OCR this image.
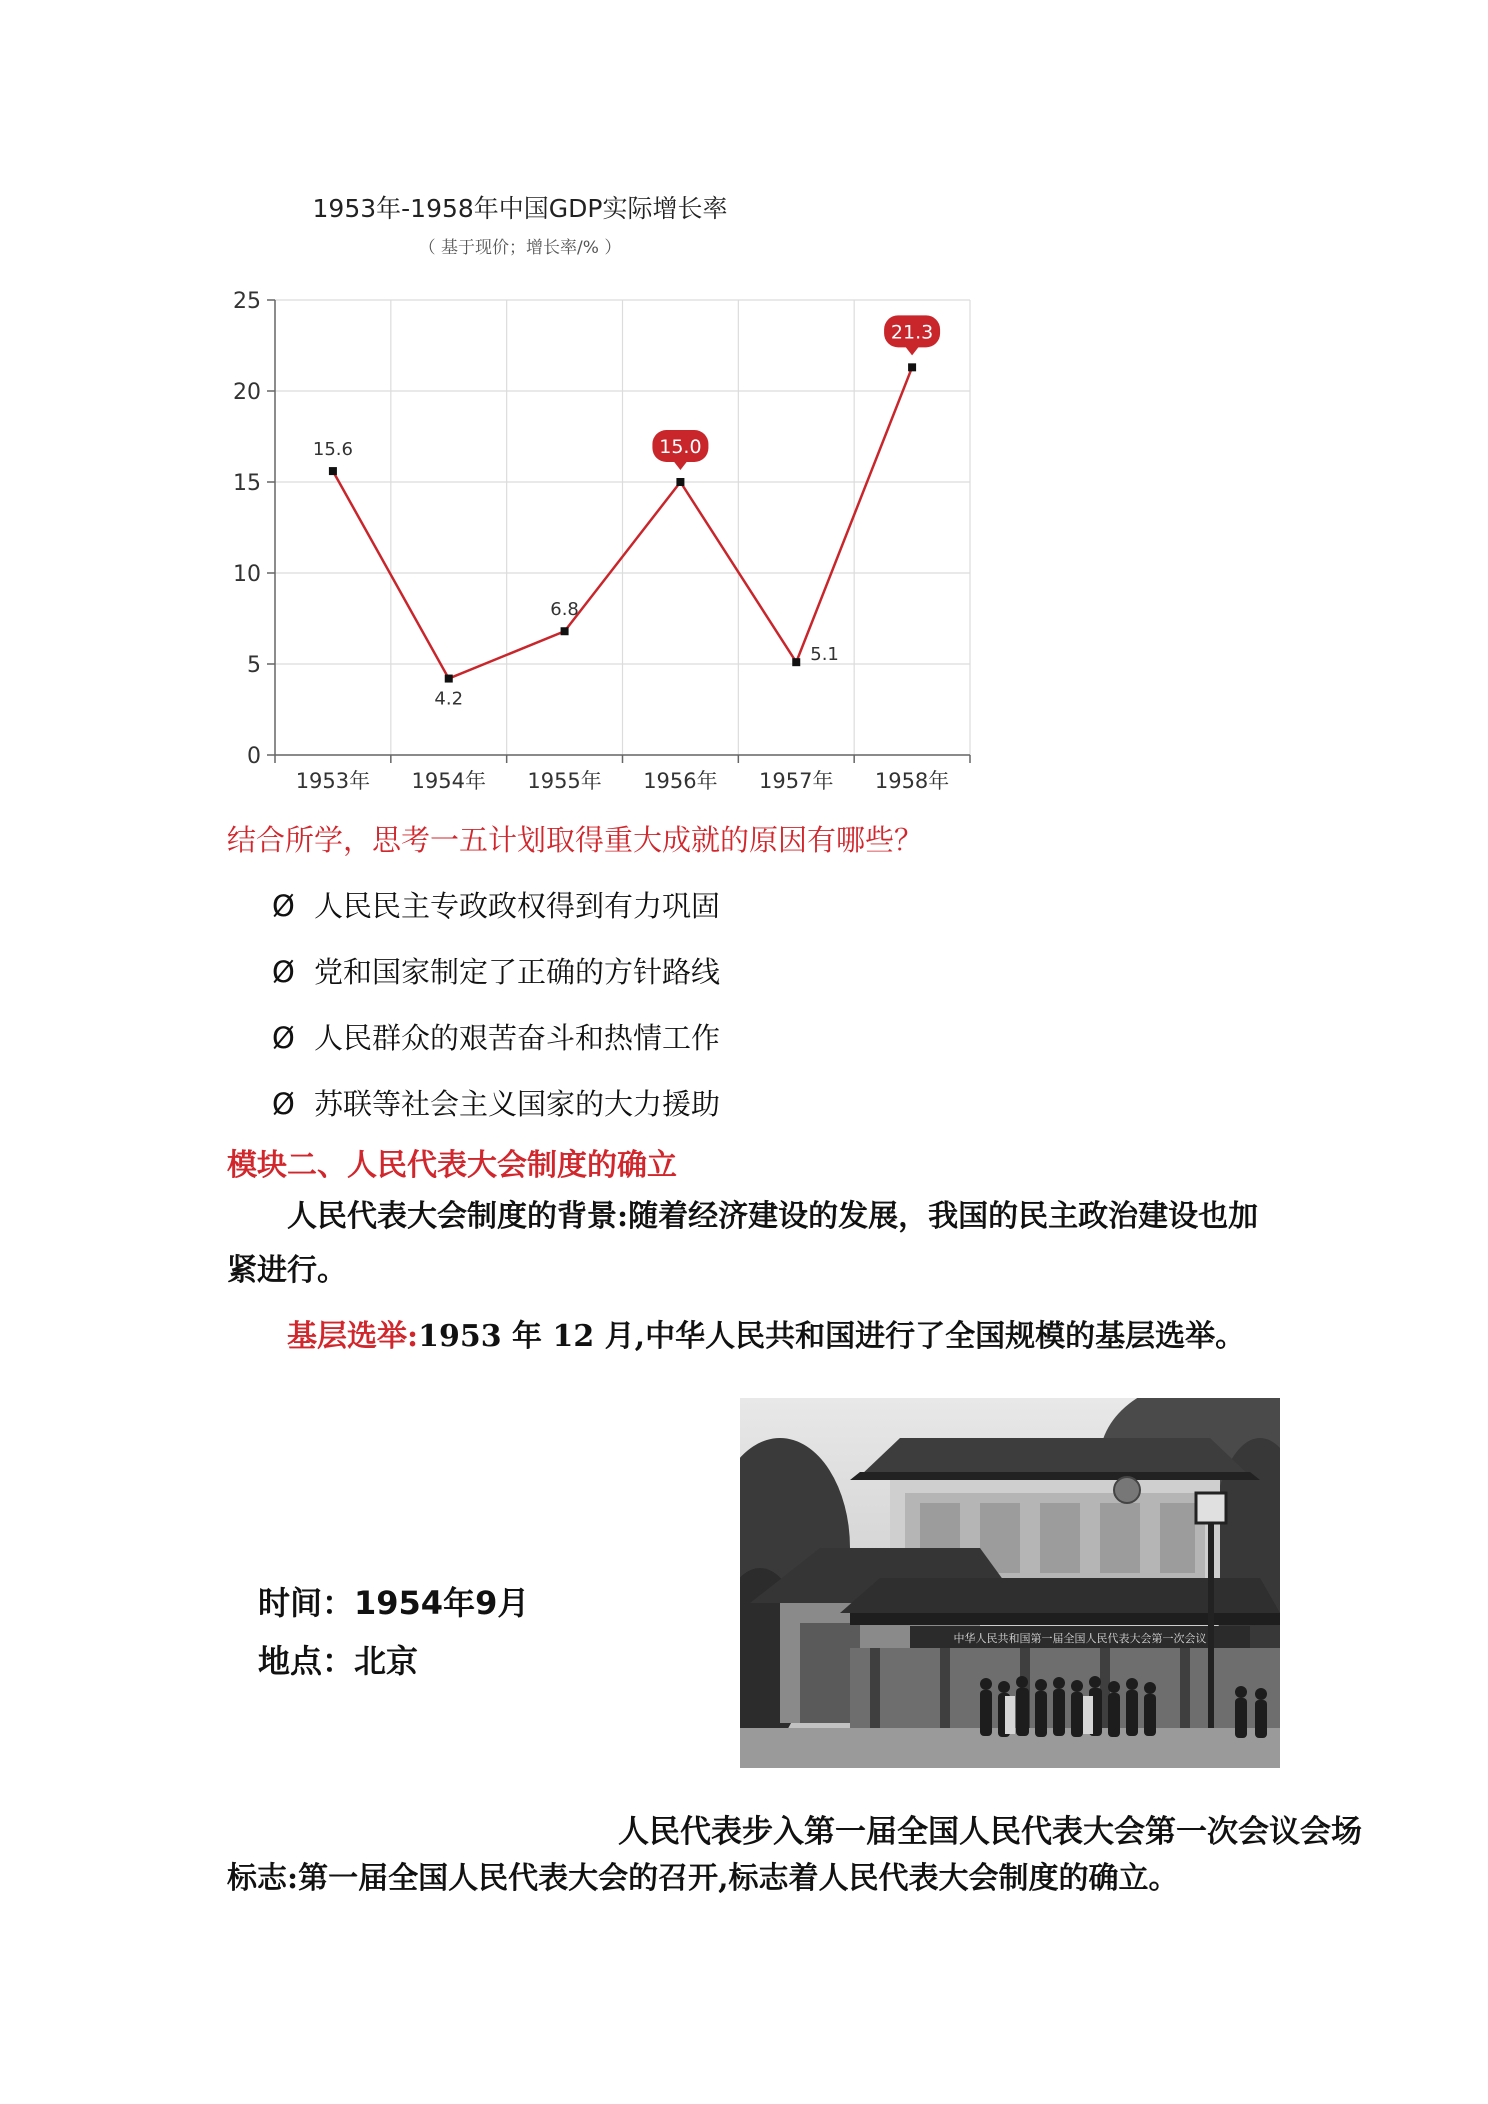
1953年-1958年中国GDP实际增长率
（ 基于现价；增长率/% ）
0
5
10
15
20
25
1953年 1954年 1955年 1956年 1957年 1958年
15.6
4.2
6.8
15.0
5.1
21.3
结合所学，思考一五计划取得重大成就的原因有哪些？
Ø 人民民主专政政权得到有力巩固
Ø 党和国家制定了正确的方针路线
Ø 人民群众的艰苦奋斗和热情工作
Ø 苏联等社会主义国家的大力援助
模块二、人民代表大会制度的确立
人民代表大会制度的背景:随着经济建设的发展，我国的民主政治建设也加紧进行。
基层选举:1953 年 12 月,中华人民共和国进行了全国规模的基层选举。
时间：1954年9月
地点：北京
中华人民共和国第一届全国人民代表大会第一次会议
人民代表步入第一届全国人民代表大会第一次会议会场
标志:第一届全国人民代表大会的召开,标志着人民代表大会制度的确立。
